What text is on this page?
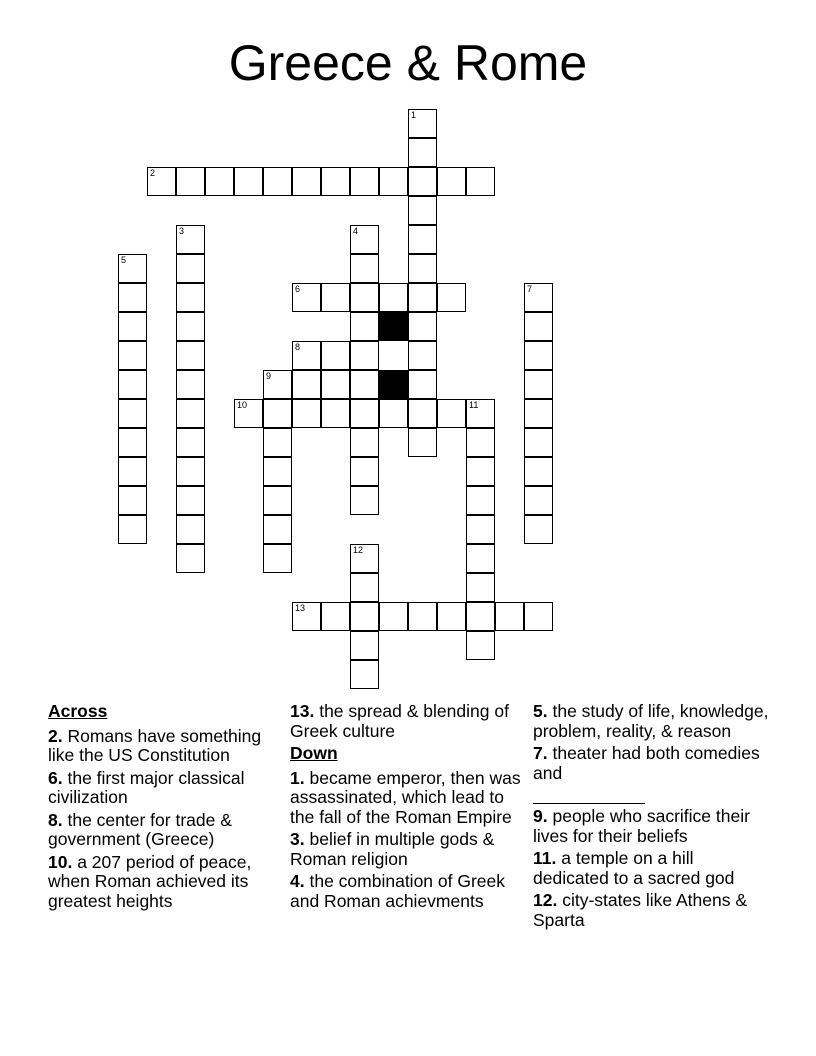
Greece & Rome
1
2
3	4
5
6	7
8
9
10	11
12
13
Across
2. Romans have something like the US Constitution
6. the first major classical civilization
8. the center for trade & government (Greece)
10. a 207 period of peace, when Roman achieved its greatest heights
13. the spread & blending of Greek culture
Down
1. became emperor, then was assassinated, which lead to the fall of the Roman Empire
3. belief in multiple gods & Roman religion
4. the combination of Greek and Roman achievments
5. the study of life, knowledge, problem, reality, & reason
7. theater had both comedies and

9. people who sacrifice their lives for their beliefs
11. a temple on a hill dedicated to a sacred god
12. city-states like Athens & Sparta
